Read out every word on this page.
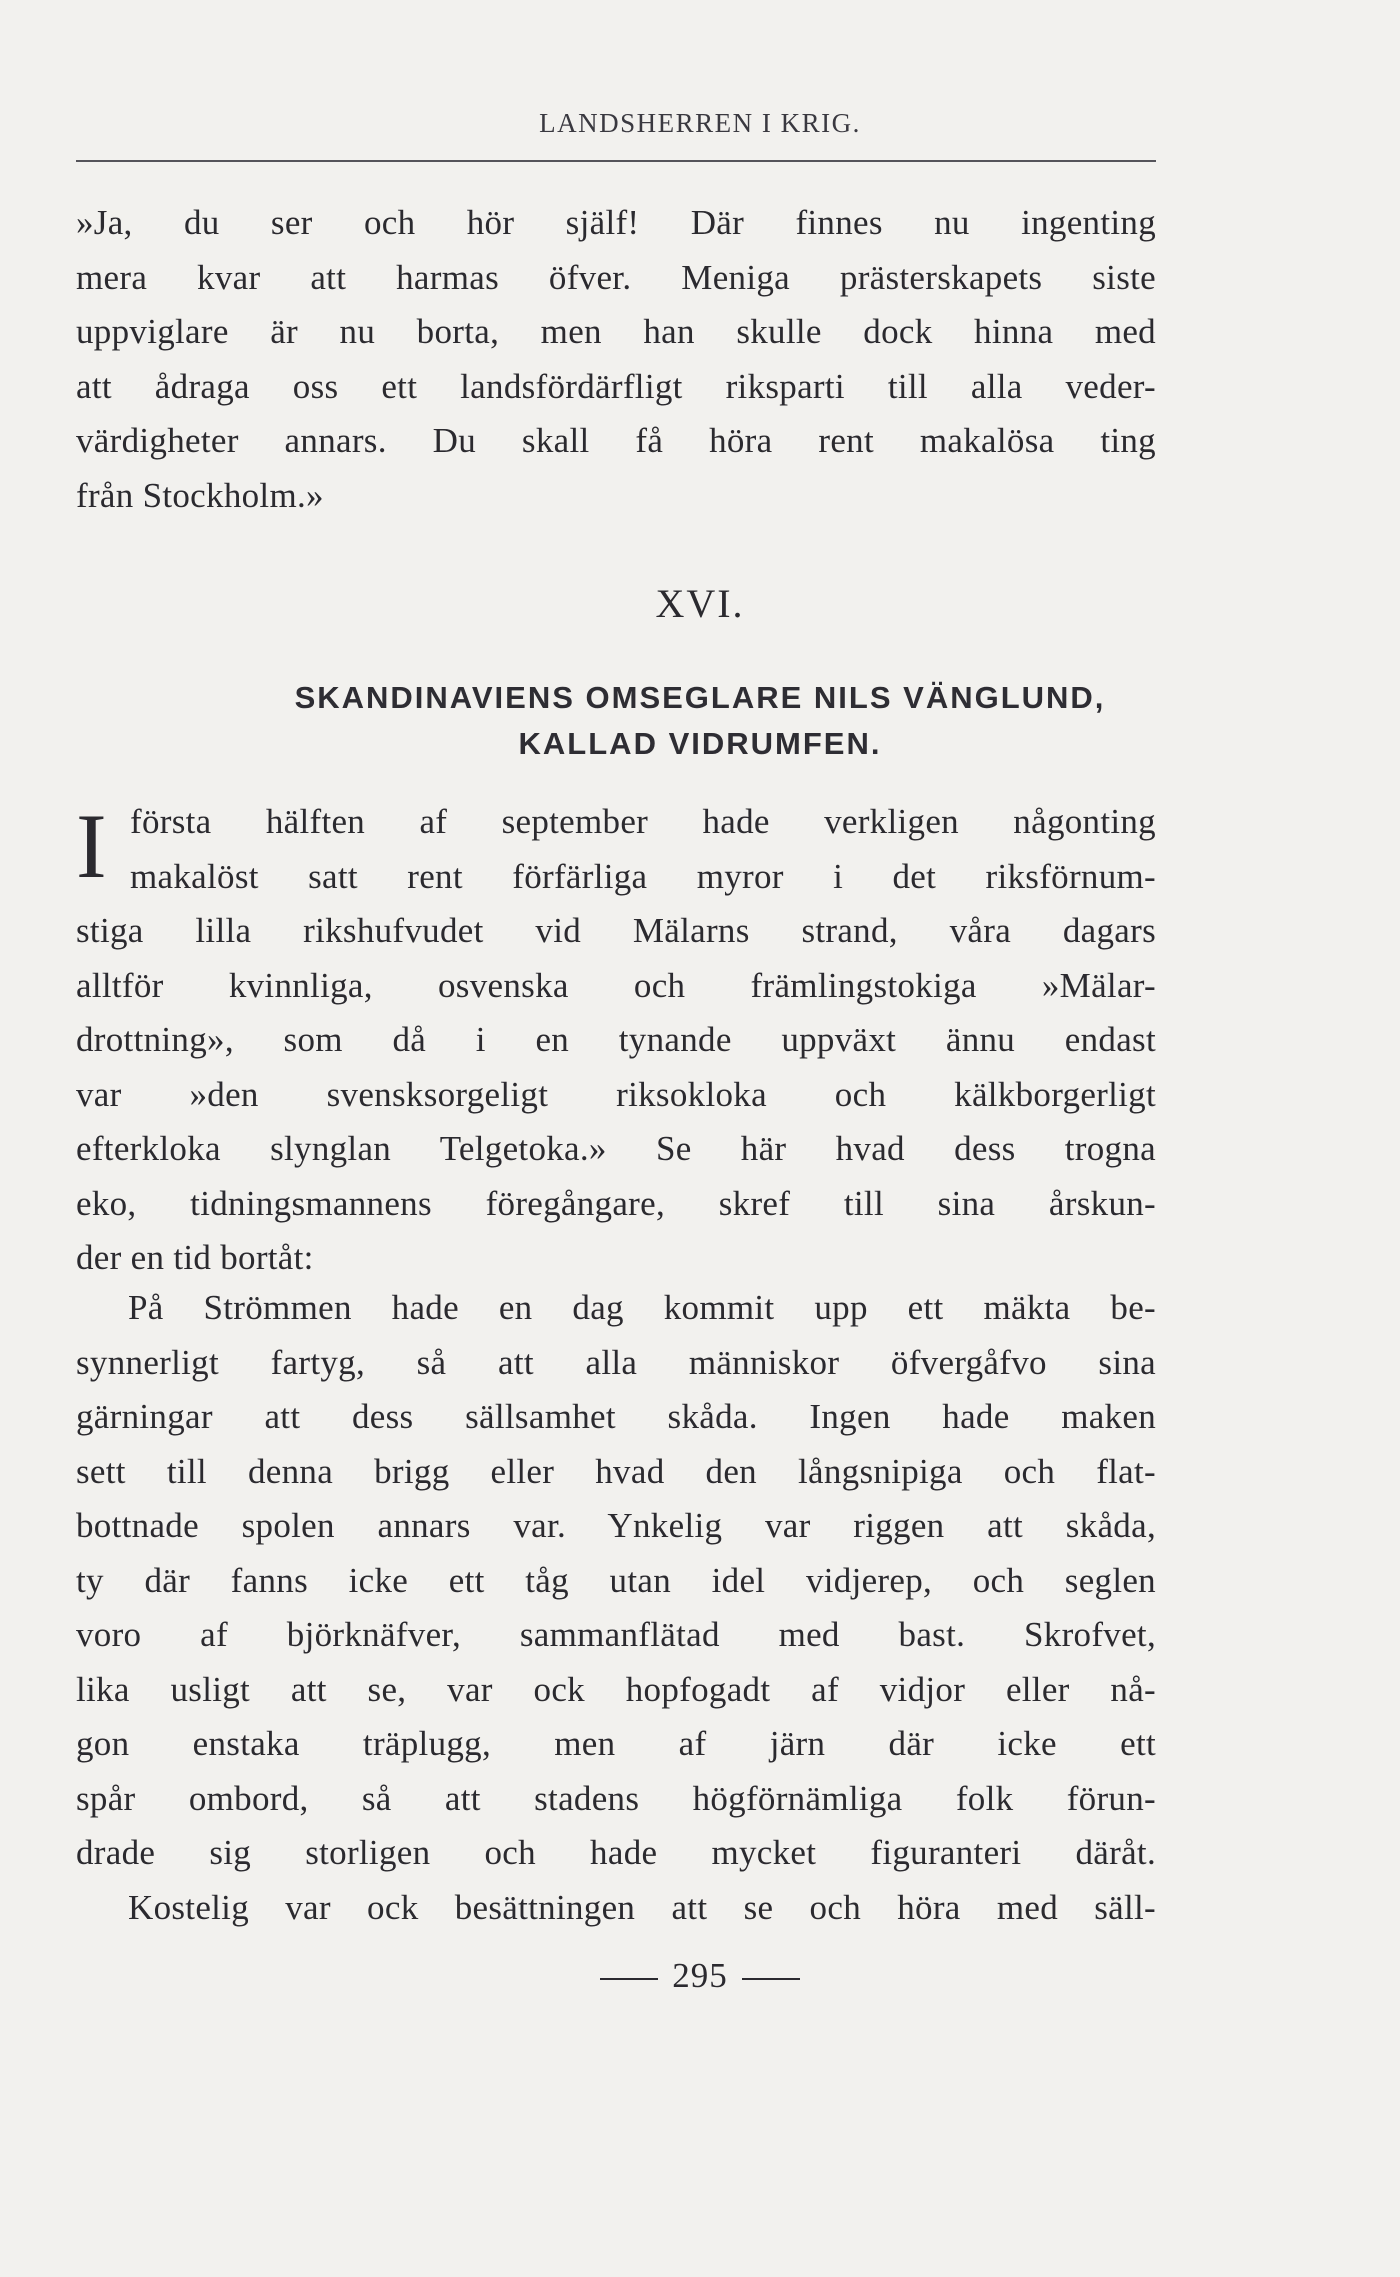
LANDSHERREN I KRIG.
»Ja, du ser och hör själf! Där finnes nu ingenting
mera kvar att harmas öfver. Meniga prästerskapets siste
uppviglare är nu borta, men han skulle dock hinna med
att ådraga oss ett landsfördärfligt riksparti till alla veder-
värdigheter annars. Du skall få höra rent makalösa ting
från Stockholm.»
XVI.
SKANDINAVIENS OMSEGLARE NILS VÄNGLUND,
KALLAD VIDRUMFEN.
I första hälften af september hade verkligen någonting
makalöst satt rent förfärliga myror i det riksförnum-
stiga lilla rikshufvudet vid Mälarns strand, våra dagars
alltför kvinnliga, osvenska och främlingstokiga »Mälar-
drottning», som då i en tynande uppväxt ännu endast
var »den svensksorgeligt riksokloka och kälkborgerligt
efterkloka slynglan Telgetoka.» Se här hvad dess trogna
eko, tidningsmannens föregångare, skref till sina årskun-
der en tid bortåt:
På Strömmen hade en dag kommit upp ett mäkta be-
synnerligt fartyg, så att alla människor öfvergåfvo sina
gärningar att dess sällsamhet skåda. Ingen hade maken
sett till denna brigg eller hvad den långsnipiga och flat-
bottnade spolen annars var. Ynkelig var riggen att skåda,
ty där fanns icke ett tåg utan idel vidjerep, och seglen
voro af björknäfver, sammanflätad med bast. Skrofvet,
lika usligt att se, var ock hopfogadt af vidjor eller nå-
gon enstaka träplugg, men af järn där icke ett
spår ombord, så att stadens högförnämliga folk förun-
drade sig storligen och hade mycket figuranteri däråt.
Kostelig var ock besättningen att se och höra med säll-
295
